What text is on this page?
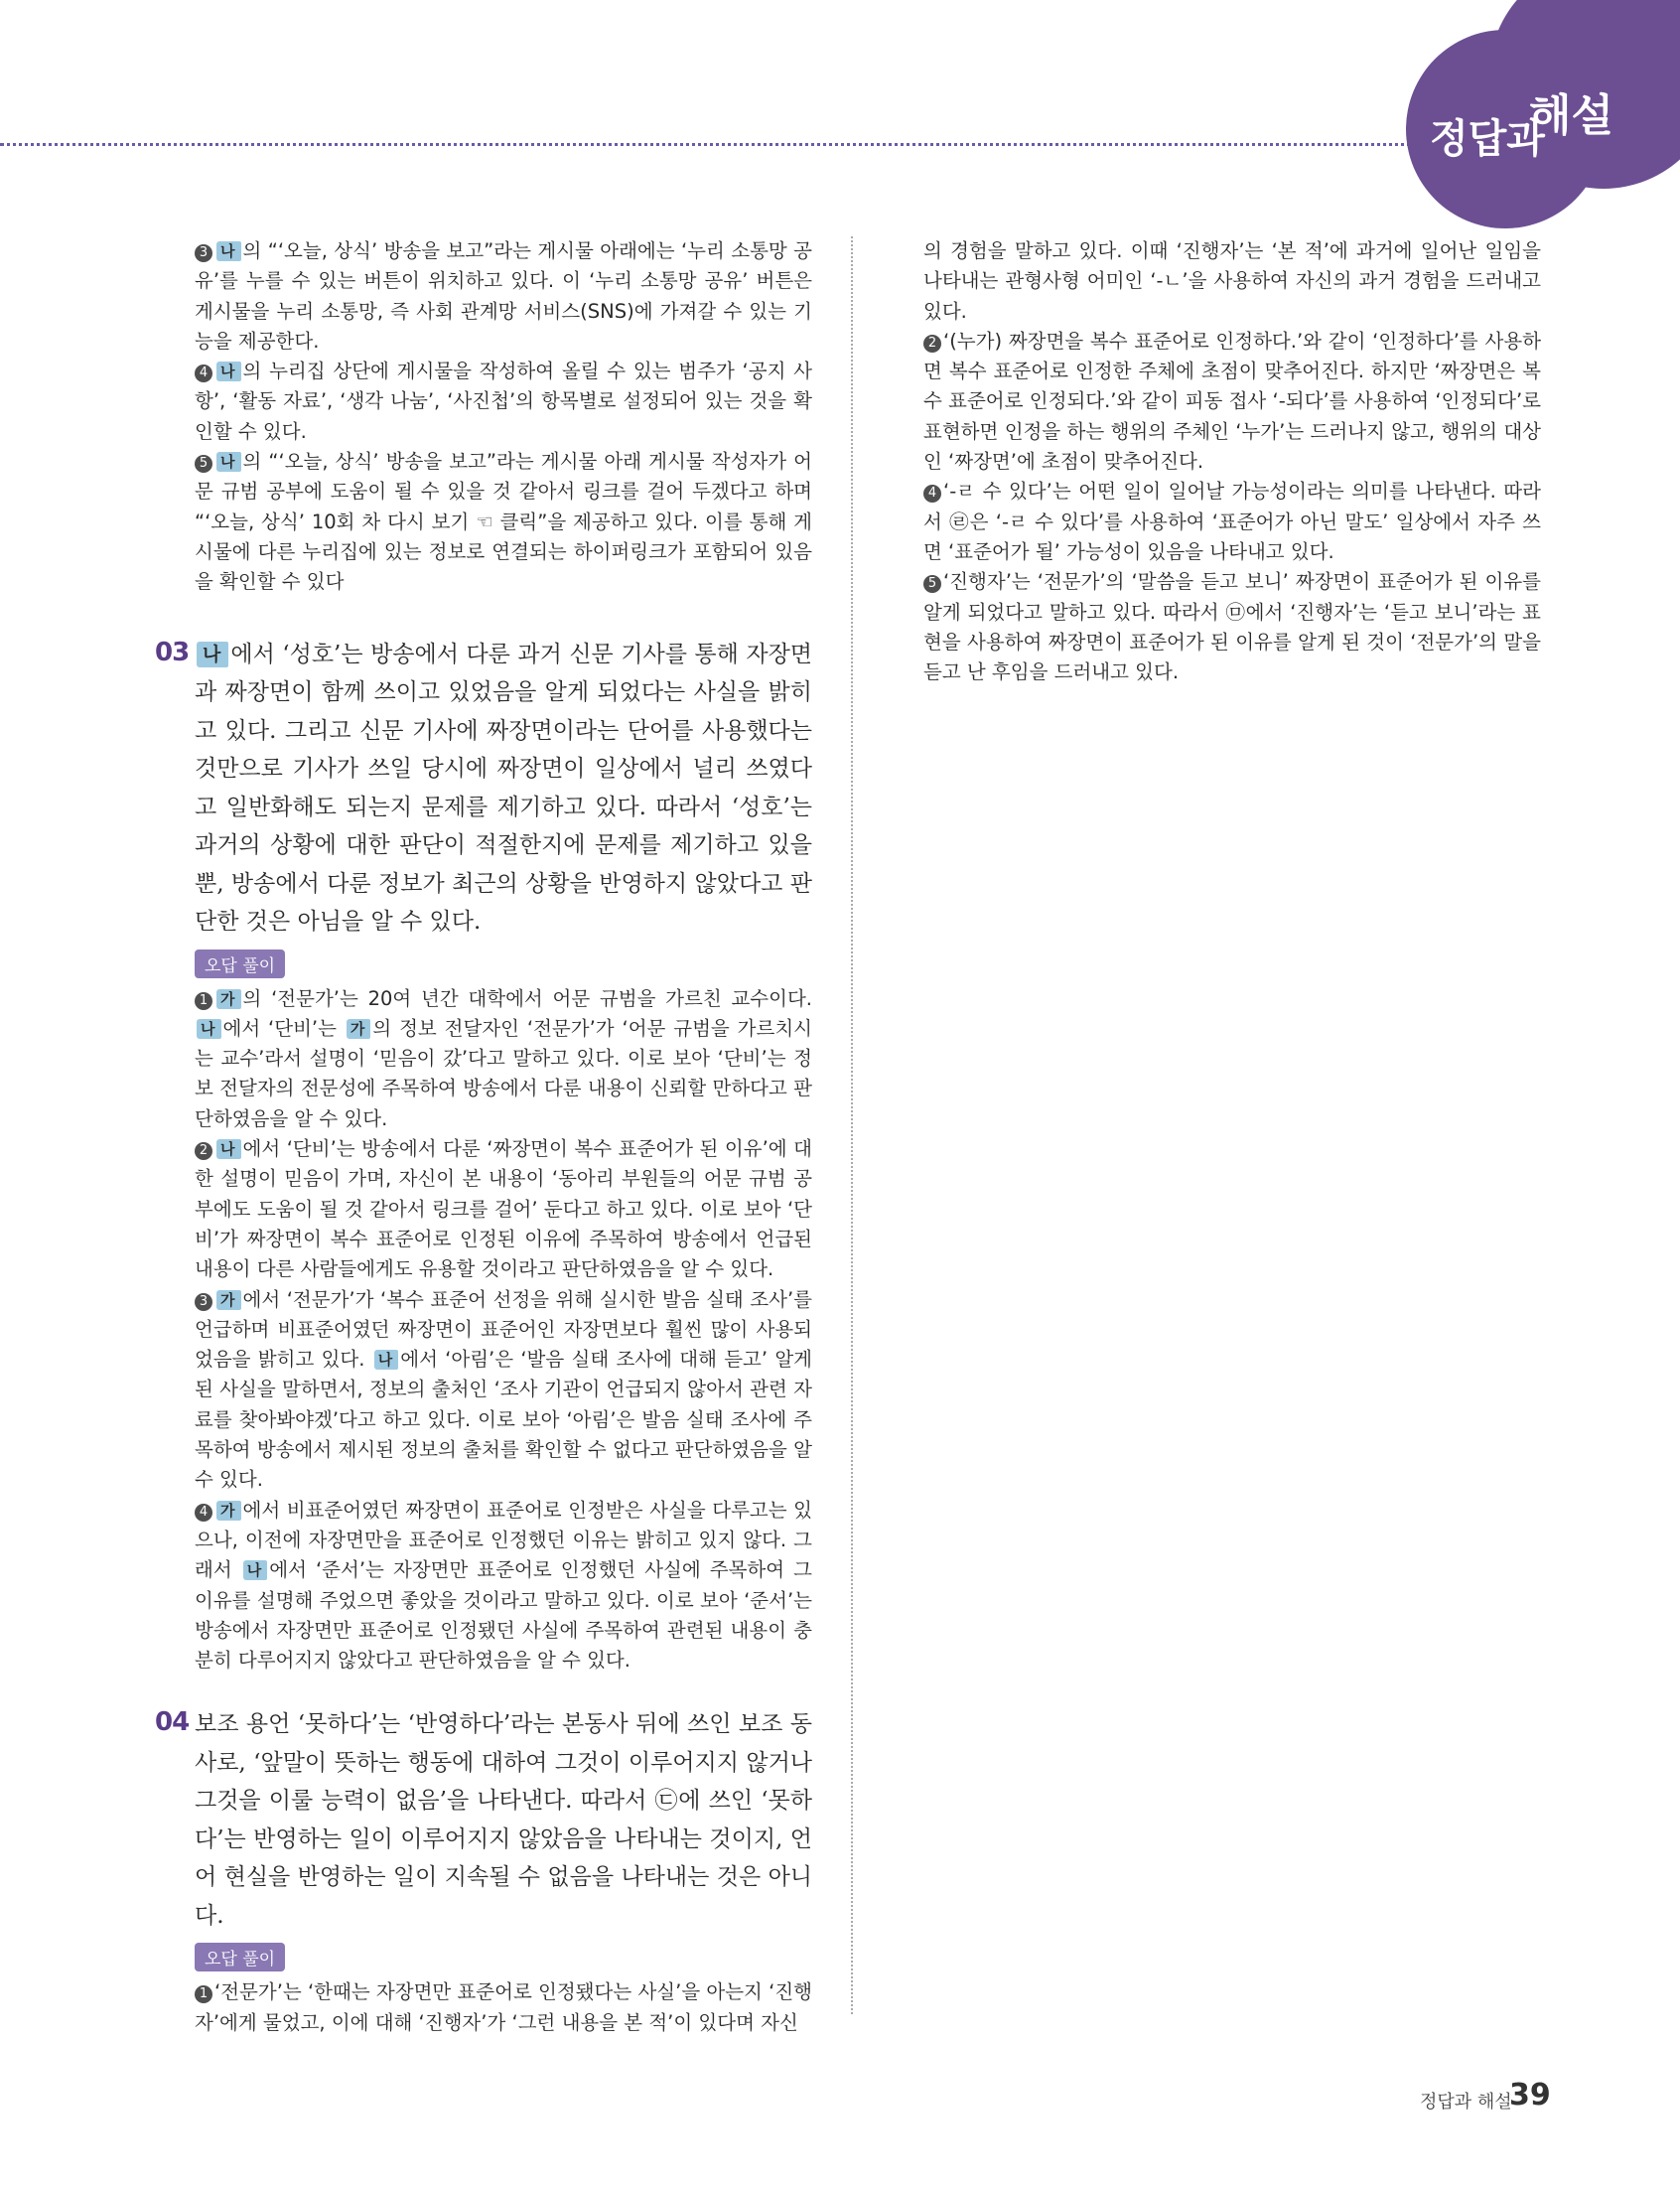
정답과
해설

3 나 의 “‘오늘, 상식’ 방송을 보고”라는 게시물 아래에는 ‘누리 소통망 공유’를 누를 수 있는 버튼이 위치하고 있다. 이 ‘누리 소통망 공유’ 버튼은 게시물을 누리 소통망, 즉 사회 관계망 서비스(SNS)에 가져갈 수 있는 기능을 제공한다.

4 나 의 누리집 상단에 게시물을 작성하여 올릴 수 있는 범주가 ‘공지 사항’, ‘활동 자료’, ‘생각 나눔’, ‘사진첩’의 항목별로 설정되어 있는 것을 확인할 수 있다.

5 나 의 “‘오늘, 상식’ 방송을 보고”라는 게시물 아래 게시물 작성자가 어문 규범 공부에 도움이 될 수 있을 것 같아서 링크를 걸어 두겠다고 하며 “‘오늘, 상식’ 10회 차 다시 보기 ☜ 클릭”을 제공하고 있다. 이를 통해 게시물에 다른 누리집에 있는 정보로 연결되는 하이퍼링크가 포함되어 있음을 확인할 수 있다

03 나 에서 ‘성호’는 방송에서 다룬 과거 신문 기사를 통해 자장면과 짜장면이 함께 쓰이고 있었음을 알게 되었다는 사실을 밝히고 있다. 그리고 신문 기사에 짜장면이라는 단어를 사용했다는 것만으로 기사가 쓰일 당시에 짜장면이 일상에서 널리 쓰였다고 일반화해도 되는지 문제를 제기하고 있다. 따라서 ‘성호’는 과거의 상황에 대한 판단이 적절한지에 문제를 제기하고 있을 뿐, 방송에서 다룬 정보가 최근의 상황을 반영하지 않았다고 판단한 것은 아님을 알 수 있다.

오답 풀이

1 가 의 ‘전문가’는 20여 년간 대학에서 어문 규범을 가르친 교수이다. 나 에서 ‘단비’는 가 의 정보 전달자인 ‘전문가’가 ‘어문 규범을 가르치시는 교수’라서 설명이 ‘믿음이 갔’다고 말하고 있다. 이로 보아 ‘단비’는 정보 전달자의 전문성에 주목하여 방송에서 다룬 내용이 신뢰할 만하다고 판단하였음을 알 수 있다.

2 나 에서 ‘단비’는 방송에서 다룬 ‘짜장면이 복수 표준어가 된 이유’에 대한 설명이 믿음이 가며, 자신이 본 내용이 ‘동아리 부원들의 어문 규범 공부에도 도움이 될 것 같아서 링크를 걸어’ 둔다고 하고 있다. 이로 보아 ‘단비’가 짜장면이 복수 표준어로 인정된 이유에 주목하여 방송에서 언급된 내용이 다른 사람들에게도 유용할 것이라고 판단하였음을 알 수 있다.

3 가 에서 ‘전문가’가 ‘복수 표준어 선정을 위해 실시한 발음 실태 조사’를 언급하며 비표준어였던 짜장면이 표준어인 자장면보다 훨씬 많이 사용되었음을 밝히고 있다. 나 에서 ‘아림’은 ‘발음 실태 조사에 대해 듣고’ 알게 된 사실을 말하면서, 정보의 출처인 ‘조사 기관이 언급되지 않아서 관련 자료를 찾아봐야겠’다고 하고 있다. 이로 보아 ‘아림’은 발음 실태 조사에 주목하여 방송에서 제시된 정보의 출처를 확인할 수 없다고 판단하였음을 알 수 있다.

4 가 에서 비표준어였던 짜장면이 표준어로 인정받은 사실을 다루고는 있으나, 이전에 자장면만을 표준어로 인정했던 이유는 밝히고 있지 않다. 그래서 나 에서 ‘준서’는 자장면만 표준어로 인정했던 사실에 주목하여 그 이유를 설명해 주었으면 좋았을 것이라고 말하고 있다. 이로 보아 ‘준서’는 방송에서 자장면만 표준어로 인정됐던 사실에 주목하여 관련된 내용이 충분히 다루어지지 않았다고 판단하였음을 알 수 있다.

04 보조 용언 ‘못하다’는 ‘반영하다’라는 본동사 뒤에 쓰인 보조 동사로, ‘앞말이 뜻하는 행동에 대하여 그것이 이루어지지 않거나 그것을 이룰 능력이 없음’을 나타낸다. 따라서 ㉢에 쓰인 ‘못하다’는 반영하는 일이 이루어지지 않았음을 나타내는 것이지, 언어 현실을 반영하는 일이 지속될 수 없음을 나타내는 것은 아니다.

오답 풀이

1 ‘전문가’는 ‘한때는 자장면만 표준어로 인정됐다는 사실’을 아는지 ‘진행자’에게 물었고, 이에 대해 ‘진행자’가 ‘그런 내용을 본 적’이 있다며 자신

의 경험을 말하고 있다. 이때 ‘진행자’는 ‘본 적’에 과거에 일어난 일임을 나타내는 관형사형 어미인 ‘-ㄴ’을 사용하여 자신의 과거 경험을 드러내고 있다.

2 ‘(누가) 짜장면을 복수 표준어로 인정하다.’와 같이 ‘인정하다’를 사용하면 복수 표준어로 인정한 주체에 초점이 맞추어진다. 하지만 ‘짜장면은 복수 표준어로 인정되다.’와 같이 피동 접사 ‘-되다’를 사용하여 ‘인정되다’로 표현하면 인정을 하는 행위의 주체인 ‘누가’는 드러나지 않고, 행위의 대상인 ‘짜장면’에 초점이 맞추어진다.

4 ‘-ㄹ 수 있다’는 어떤 일이 일어날 가능성이라는 의미를 나타낸다. 따라서 ㉣은 ‘-ㄹ 수 있다’를 사용하여 ‘표준어가 아닌 말도’ 일상에서 자주 쓰면 ‘표준어가 될’ 가능성이 있음을 나타내고 있다.

5 ‘진행자’는 ‘전문가’의 ‘말씀을 듣고 보니’ 짜장면이 표준어가 된 이유를 알게 되었다고 말하고 있다. 따라서 ㉤에서 ‘진행자’는 ‘듣고 보니’라는 표현을 사용하여 짜장면이 표준어가 된 이유를 알게 된 것이 ‘전문가’의 말을 듣고 난 후임을 드러내고 있다.

정답과 해설
39
